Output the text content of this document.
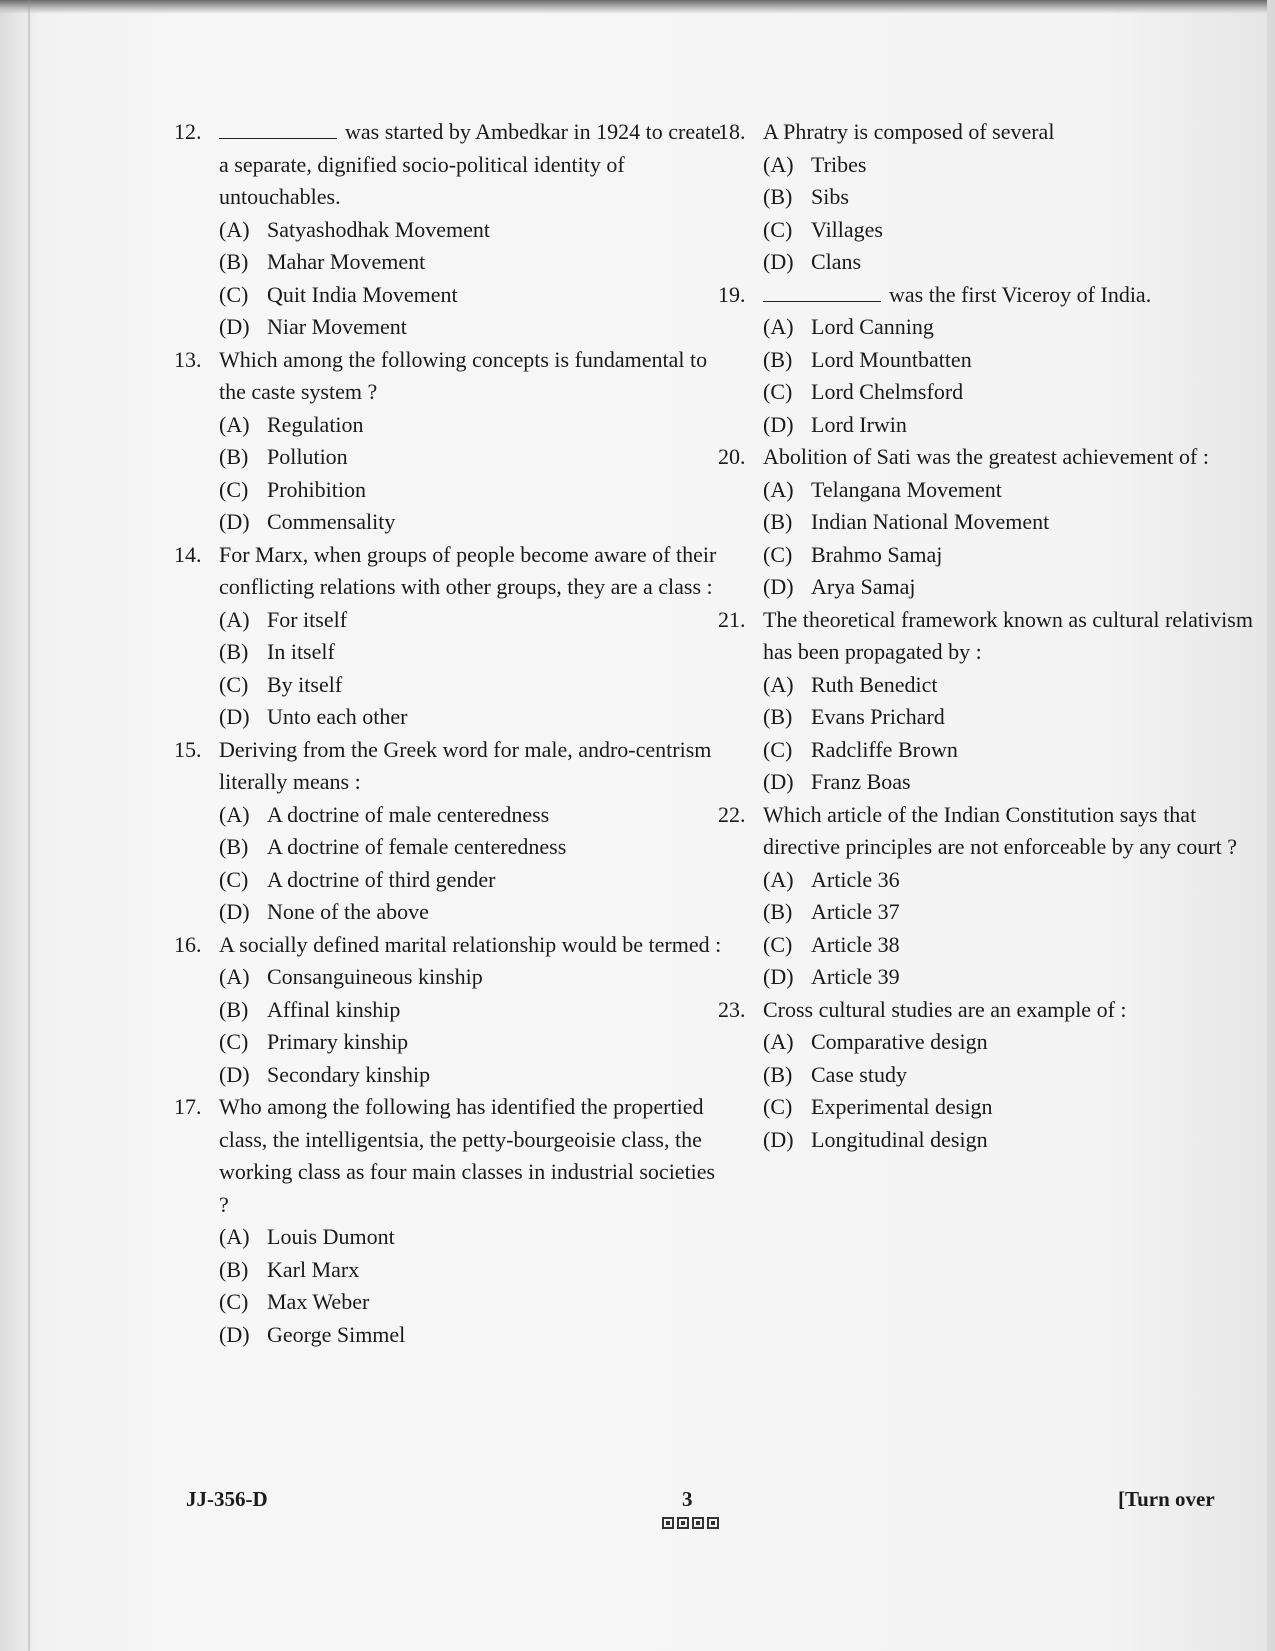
12.	was started by Ambedkar in 1924 to create a separate, dignified socio-political identity of untouchables.
(A) Satyashodhak Movement
(B) Mahar Movement
(C) Quit India Movement
(D) Niar Movement
13. Which among the following concepts is fundamental to the caste system ?
(A) Regulation
(B) Pollution
(C) Prohibition
(D) Commensality
14. For Marx, when groups of people become aware of their conflicting relations with other groups, they are a class :
(A) For itself
(B) In itself
(C) By itself
(D) Unto each other
15. Deriving from the Greek word for male, andro-centrism literally means :
(A) A doctrine of male centeredness
(B) A doctrine of female centeredness
(C) A doctrine of third gender
(D) None of the above
16. A socially defined marital relationship would be termed :
(A) Consanguineous kinship
(B) Affinal kinship
(C) Primary kinship
(D) Secondary kinship
17. Who among the following has identified the propertied class, the intelligentsia, the petty-bourgeoisie class, the working class as four main classes in industrial societies ?
(A) Louis Dumont
(B) Karl Marx
(C) Max Weber
(D) George Simmel
18. A Phratry is composed of several
(A) Tribes
(B) Sibs
(C) Villages
(D) Clans
19.	was the first Viceroy of India.
(A) Lord Canning
(B) Lord Mountbatten
(C) Lord Chelmsford
(D) Lord Irwin
20. Abolition of Sati was the greatest achievement of :
(A) Telangana Movement
(B) Indian National Movement
(C) Brahmo Samaj
(D) Arya Samaj
21. The theoretical framework known as cultural relativism has been propagated by :
(A) Ruth Benedict
(B) Evans Prichard
(C) Radcliffe Brown
(D) Franz Boas
22. Which article of the Indian Constitution says that directive principles are not enforceable by any court ?
(A) Article 36
(B) Article 37
(C) Article 38
(D) Article 39
23. Cross cultural studies are an example of :
(A) Comparative design
(B) Case study
(C) Experimental design
(D) Longitudinal design
JJ-356-D	3	[Turn over
